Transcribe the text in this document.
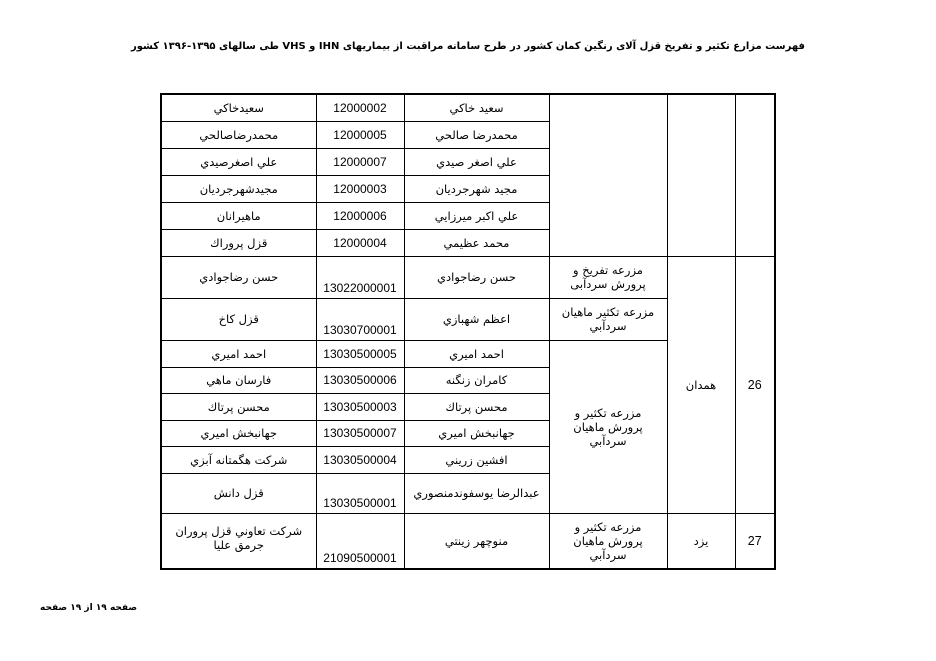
فهرست مزارع تکثیر و تفریخ قزل آلای رنگین کمان کشور در طرح سامانه مراقبت از بیماریهای IHN و VHS طی سالهای ۱۳۹۵-۱۳۹۶ کشور
			سعيد خاكي	12000002	سعيدخاكي
			محمدرضا صالحي	12000005	محمدرضاصالحي
			علي اصغر صيدي	12000007	علي اصغرصيدي
			مجيد شهرجرديان	12000003	مجيدشهرجرديان
			علي اكبر ميرزايي	12000006	ماهيرانان
			محمد عظيمي	12000004	قزل پروراك
26	همدان	مزرعه تفریخ و پرورش سردآبی	حسن رضاجوادي	13022000001	حسن رضاجوادي
		مزرعه تكثير ماهيان سردآبي	اعظم شهبازي	13030700001	قزل كاخ
		مزرعه تكثير و پرورش ماهيان سردآبي	احمد اميري	13030500005	احمد اميري
			كامران زنگنه	13030500006	فارسان ماهي
			محسن پرتاك	13030500003	محسن پرتاك
			جهانبخش اميري	13030500007	جهانبخش اميري
			افشين زريني	13030500004	شركت هگمتانه آبزي
			عبدالرضا يوسفوندمنصوري	13030500001	قزل دانش
27	يزد	مزرعه تكثير و پرورش ماهيان سردآبي	منوچهر زينتي	21090500001	شركت تعاوني قزل پروران جرمق عليا
صفحه ۱۹ از ۱۹ صفحه
